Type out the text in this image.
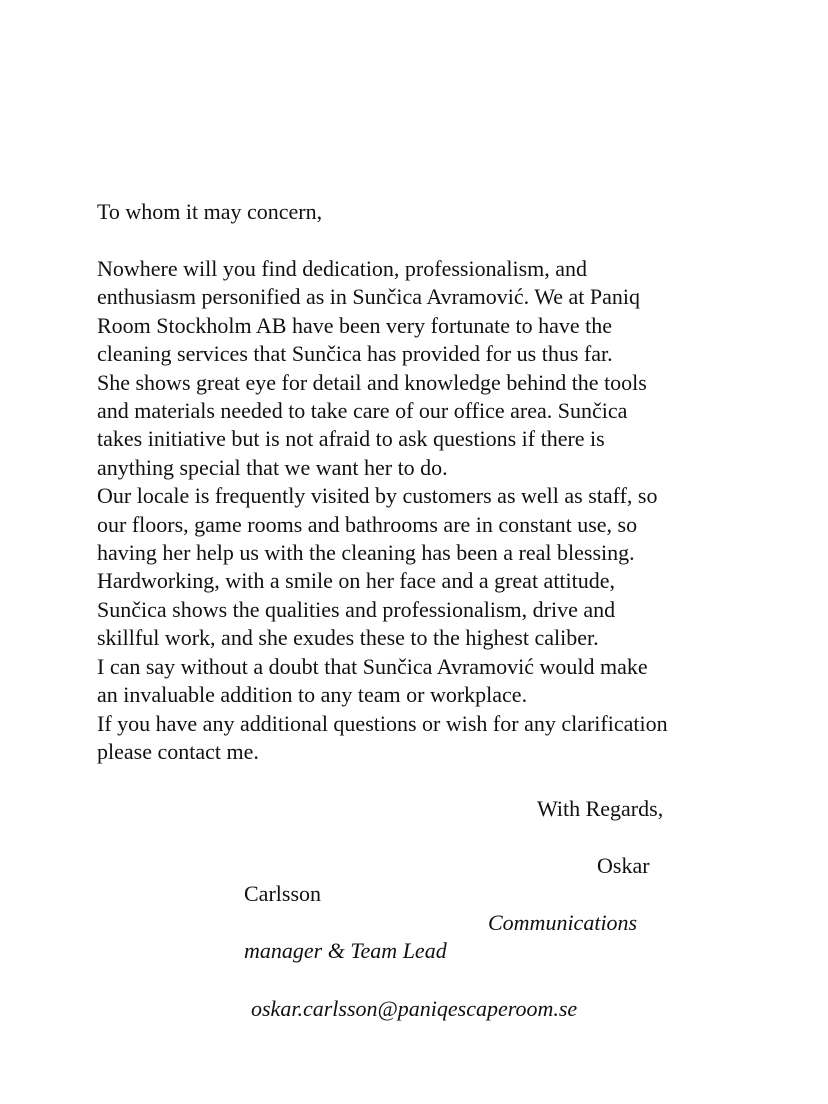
To whom it may concern,

Nowhere will you find dedication, professionalism, and

enthusiasm personified as in Sunčica Avramović. We at Paniq

Room Stockholm AB have been very fortunate to have the

cleaning services that Sunčica has provided for us thus far.

She shows great eye for detail and knowledge behind the tools

and materials needed to take care of our office area. Sunčica

takes initiative but is not afraid to ask questions if there is

anything special that we want her to do.

Our locale is frequently visited by customers as well as staff, so

our floors, game rooms and bathrooms are in constant use, so

having her help us with the cleaning has been a real blessing.

Hardworking, with a smile on her face and a great attitude,

Sunčica shows the qualities and professionalism, drive and

skillful work, and she exudes these to the highest caliber.

I can say without a doubt that Sunčica Avramović would make

an invaluable addition to any team or workplace.

If you have any additional questions or wish for any clarification

please contact me.

With Regards,

Oskar

Carlsson

Communications

manager & Team Lead

oskar.carlsson@paniqescaperoom.se
